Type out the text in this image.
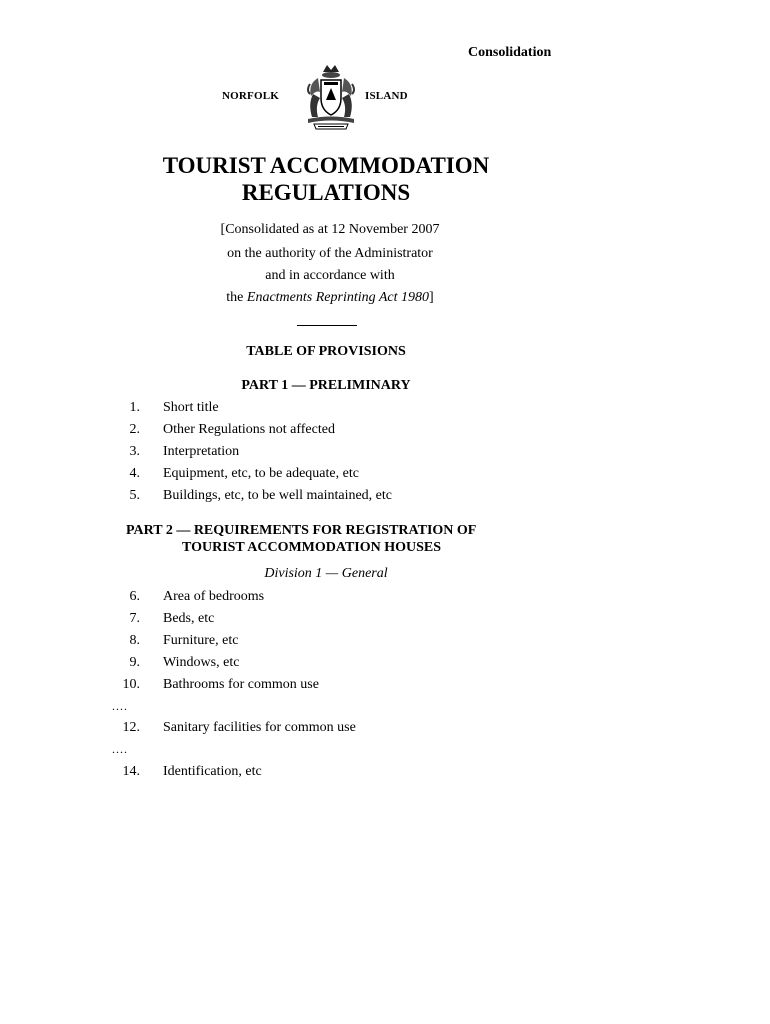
Consolidation
NORFOLK	ISLAND
TOURIST ACCOMMODATION
REGULATIONS
[Consolidated as at 12 November 2007
on the authority of the Administrator
and in accordance with
the Enactments Reprinting Act 1980]
TABLE OF PROVISIONS
PART 1 — PRELIMINARY
1. Short title
2. Other Regulations not affected
3. Interpretation
4. Equipment, etc, to be adequate, etc
5. Buildings, etc, to be well maintained, etc
PART 2 — REQUIREMENTS FOR REGISTRATION OF
TOURIST ACCOMMODATION HOUSES
Division 1 — General
6. Area of bedrooms
7. Beds, etc
8. Furniture, etc
9. Windows, etc
10. Bathrooms for common use
....
12. Sanitary facilities for common use
....
14. Identification, etc
